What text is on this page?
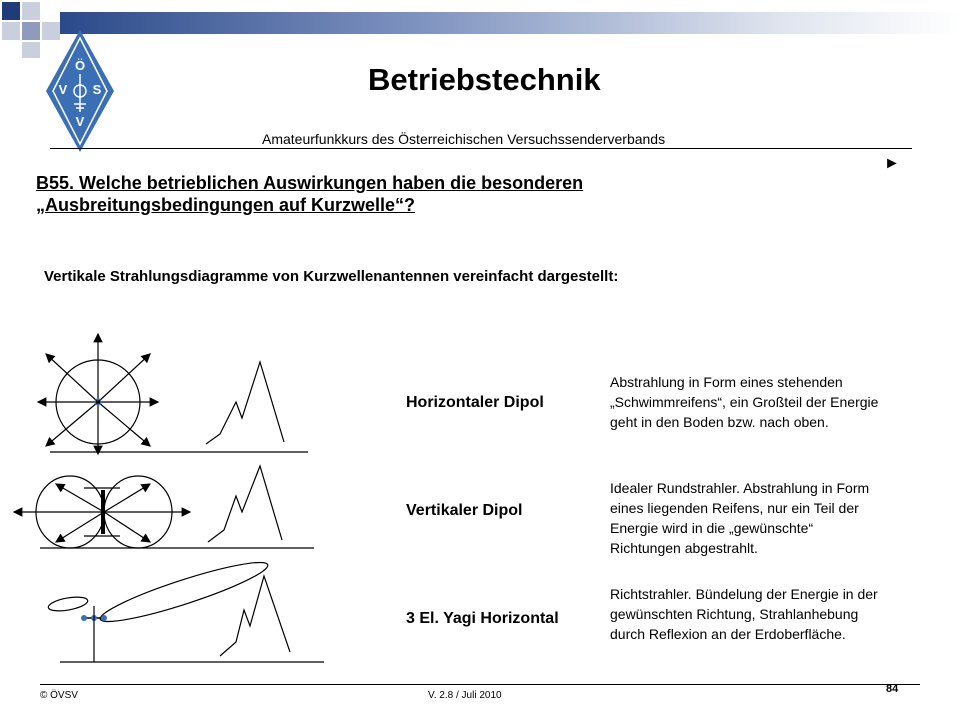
Ö
V S
V
Betriebstechnik
Amateurfunkkurs des Österreichischen Versuchssenderverbands
►
B55. Welche betrieblichen Auswirkungen haben die besonderen
„Ausbreitungsbedingungen auf Kurzwelle“?
Vertikale Strahlungsdiagramme von Kurzwellenantennen vereinfacht dargestellt:
Horizontaler Dipol
Vertikaler Dipol
3 El. Yagi Horizontal
Abstrahlung in Form eines stehenden
„Schwimmreifens“, ein Großteil der Energie
geht in den Boden bzw. nach oben.
Idealer Rundstrahler. Abstrahlung in Form
eines liegenden Reifens, nur ein Teil der
Energie wird in die „gewünschte“
Richtungen abgestrahlt.
Richtstrahler. Bündelung der Energie in der
gewünschten Richtung, Strahlanhebung
durch Reflexion an der Erdoberfläche.
© ÖVSV	V. 2.8 / Juli 2010
84
